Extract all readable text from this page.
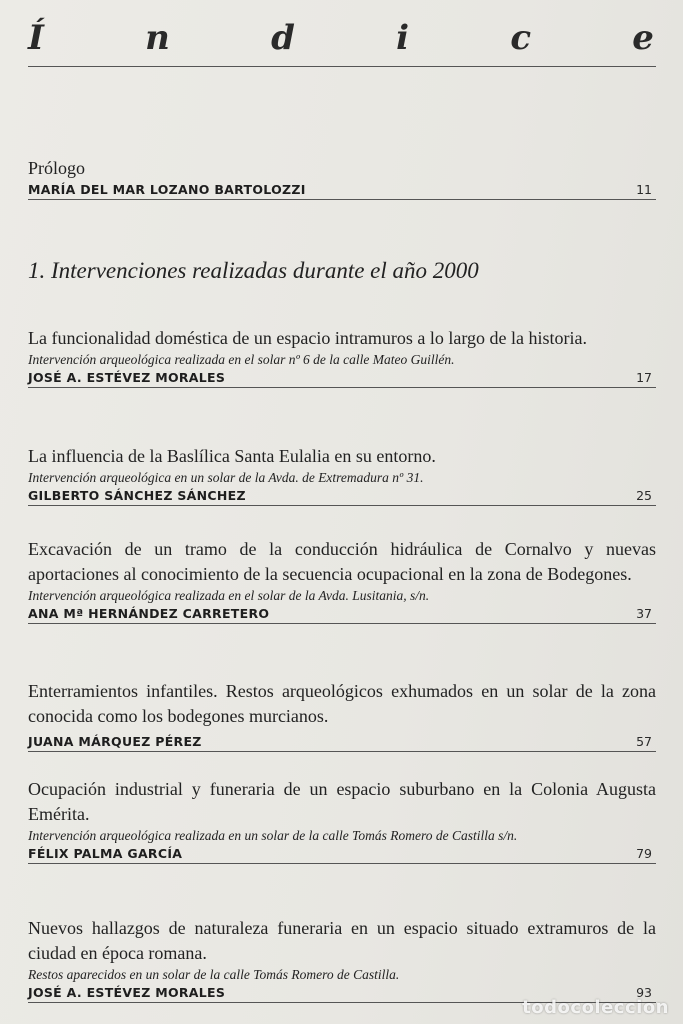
Í	n	d	i	c	e
Prólogo
MARÍA DEL MAR LOZANO BARTOLOZZI	11
1. Intervenciones realizadas durante el año 2000
La funcionalidad doméstica de un espacio intramuros a lo largo de la historia.
Intervención arqueológica realizada en el solar nº 6 de la calle Mateo Guillén.
JOSÉ A. ESTÉVEZ MORALES	17
La influencia de la Baslílica Santa Eulalia en su entorno.
Intervención arqueológica en un solar de la Avda. de Extremadura nº 31.
GILBERTO SÁNCHEZ SÁNCHEZ	25
Excavación de un tramo de la conducción hidráulica de Cornalvo y nuevas aportaciones al conocimiento de la secuencia ocupacional en la zona de Bodegones.
Intervención arqueológica realizada en el solar de la Avda. Lusitania, s/n.
ANA Mª HERNÁNDEZ CARRETERO	37
Enterramientos infantiles. Restos arqueológicos exhumados en un solar de la zona conocida como los bodegones murcianos.
JUANA MÁRQUEZ PÉREZ	57
Ocupación industrial y funeraria de un espacio suburbano en la Colonia Augusta Emérita.
Intervención arqueológica realizada en un solar de la calle Tomás Romero de Castilla s/n.
FÉLIX PALMA GARCÍA	79
Nuevos hallazgos de naturaleza funeraria en un espacio situado extramuros de la ciudad en época romana.
Restos aparecidos en un solar de la calle Tomás Romero de Castilla.
JOSÉ A. ESTÉVEZ MORALES	93
todocoleccion
